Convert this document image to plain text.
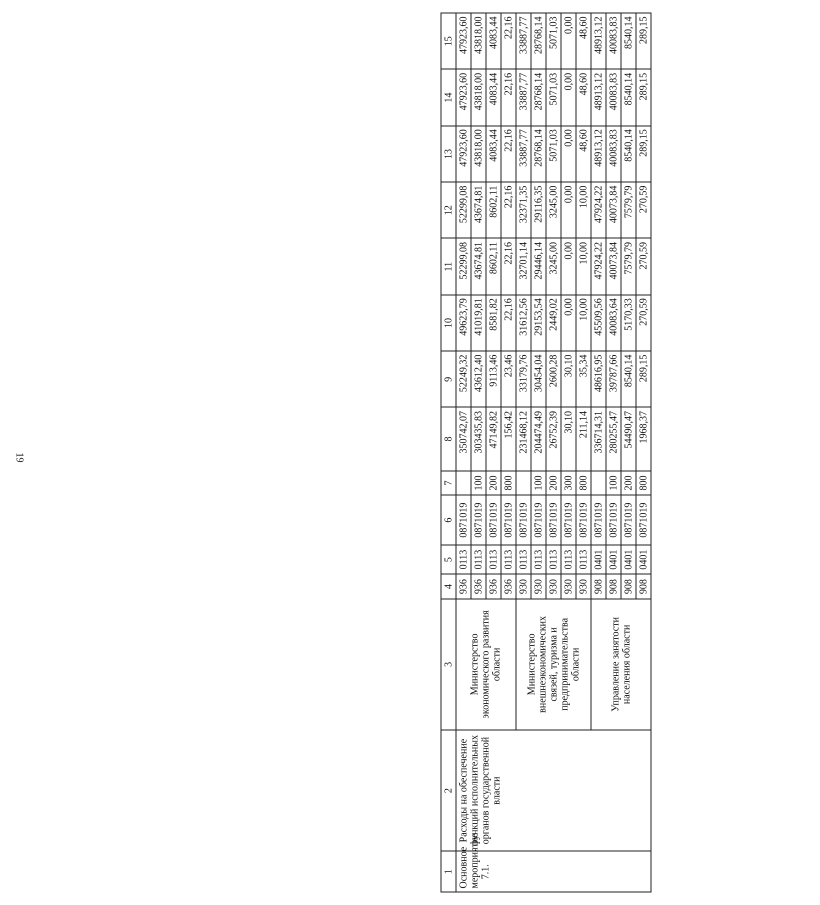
19
1	2	3	4	5	6	7	8	9	10	11	12	13	14	15
Основное мероприятие 7.1.	Расходы на обеспечение функций исполнительных органов государственной власти	Министерство экономического развития области	936	0113	0871019		350742,07	52249,32	49623,79	52299,08	52299,08	47923,60	47923,60	47923,60
			936	0113	0871019	100	303435,83	43612,40	41019,81	43674,81	43674,81	43818,00	43818,00	43818,00
			936	0113	0871019	200	47149,82	9113,46	8581,82	8602,11	8602,11	4083,44	4083,44	4083,44
			936	0113	0871019	800	156,42	23,46	22,16	22,16	22,16	22,16	22,16	22,16
		Министерство внешнеэкономических связей, туризма и предпринимательства области	930	0113	0871019		231468,12	33179,76	31612,56	32701,14	32371,35	33887,77	33887,77	33887,77
			930	0113	0871019	100	204474,49	30454,04	29153,54	29446,14	29116,35	28768,14	28768,14	28768,14
			930	0113	0871019	200	26752,39	2600,28	2449,02	3245,00	3245,00	5071,03	5071,03	5071,03
			930	0113	0871019	300	30,10	30,10	0,00	0,00	0,00	0,00	0,00	0,00
			930	0113	0871019	800	211,14	35,34	10,00	10,00	10,00	48,60	48,60	48,60
		Управление занятости населения области	908	0401	0871019		336714,31	48616,95	45509,56	47924,22	47924,22	48913,12	48913,12	48913,12
			908	0401	0871019	100	280255,47	39787,66	40083,64	40073,84	40073,84	40083,83	40083,83	40083,83
			908	0401	0871019	200	54490,47	8540,14	5170,33	7579,79	7579,79	8540,14	8540,14	8540,14
			908	0401	0871019	800	1968,37	289,15	270,59	270,59	270,59	289,15	289,15	289,15
